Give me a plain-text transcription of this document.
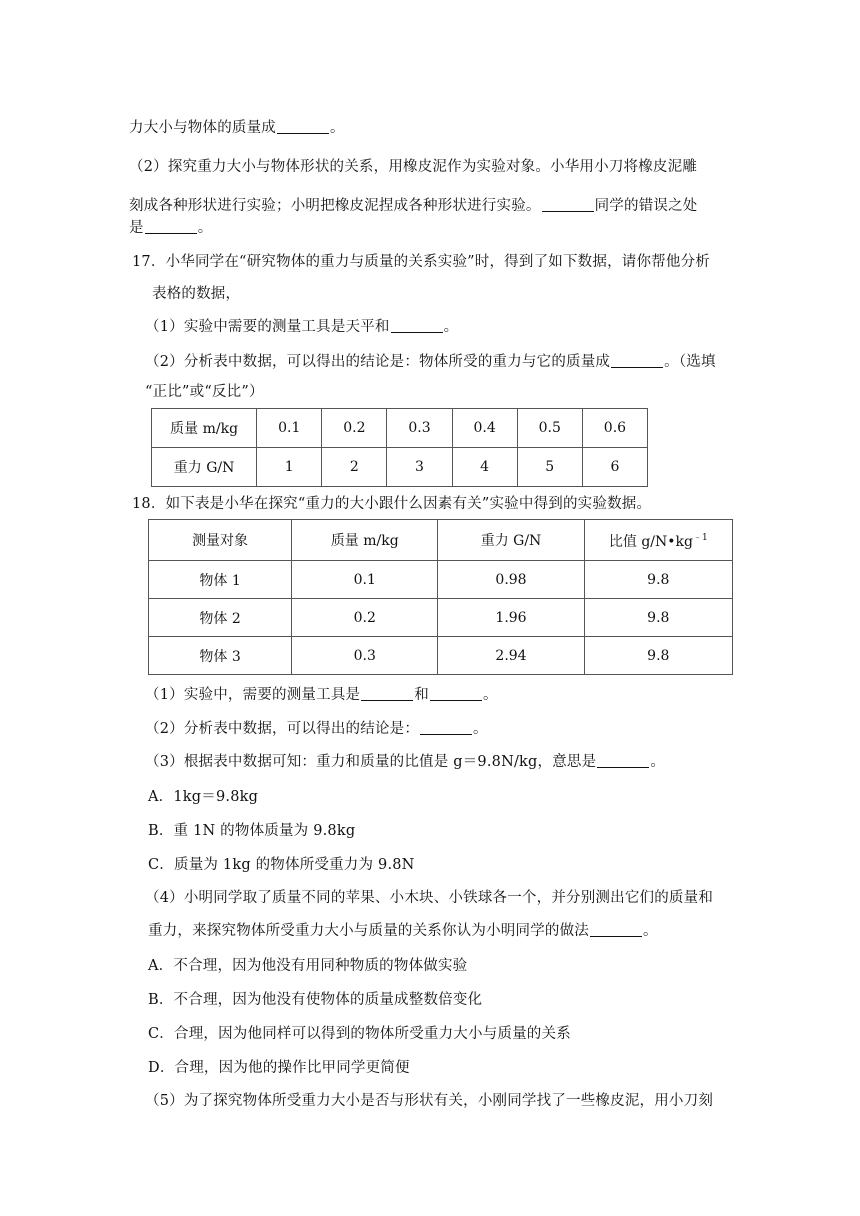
力大小与物体的质量成	。
（2）探究重力大小与物体形状的关系，用橡皮泥作为实验对象。小华用小刀将橡皮泥雕
刻成各种形状进行实验；小明把橡皮泥捏成各种形状进行实验。	同学的错误之处
是	。
17．小华同学在“研究物体的重力与质量的关系实验”时，得到了如下数据，请你帮他分析
表格的数据，
（1）实验中需要的测量工具是天平和	。
（2）分析表中数据，可以得出的结论是：物体所受的重力与它的质量成	。（选填
“正比”或“反比”）
质量 m/kg	0.1	0.2	0.3	0.4	0.5	0.6
重力 G/N	1	2	3	4	5	6
18．如下表是小华在探究“重力的大小跟什么因素有关”实验中得到的实验数据。
测量对象	质量 m/kg	重力 G/N	比值 $g/N•kg^{﹣1}$
物体 1	0.1	0.98	9.8
物体 2	0.2	1.96	9.8
物体 3	0.3	2.94	9.8
（1）实验中，需要的测量工具是	和	。
（2）分析表中数据，可以得出的结论是：	。
（3）根据表中数据可知：重力和质量的比值是 g＝9.8N/kg，意思是	。
A．1kg＝9.8kg
B．重 1N 的物体质量为 9.8kg
C．质量为 1kg 的物体所受重力为 9.8N
（4）小明同学取了质量不同的苹果、小木块、小铁球各一个，并分别测出它们的质量和
重力，来探究物体所受重力大小与质量的关系你认为小明同学的做法	。
A．不合理，因为他没有用同种物质的物体做实验
B．不合理，因为他没有使物体的质量成整数倍变化
C．合理，因为他同样可以得到的物体所受重力大小与质量的关系
D．合理，因为他的操作比甲同学更简便
（5）为了探究物体所受重力大小是否与形状有关，小刚同学找了一些橡皮泥，用小刀刻
